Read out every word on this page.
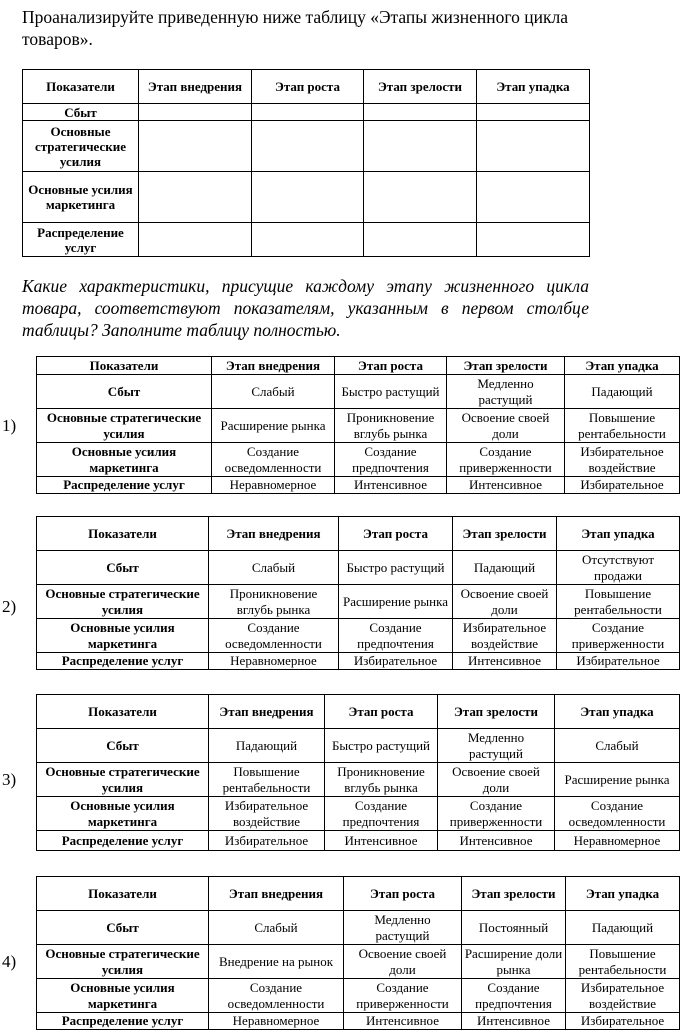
Проанализируйте приведенную ниже таблицу «Этапы жизненного цикла товаров».
Показатели	Этап внедрения	Этап роста	Этап зрелости	Этап упадка
Сбыт				
Основные стратегические усилия				
Основные усилия маркетинга				
Распределение услуг				
Какие характеристики, присущие каждому этапу жизненного цикла товара, соответствуют показателям, указанным в первом столбце таблицы? Заполните таблицу полностью.
1)
Показатели	Этап внедрения	Этап роста	Этап зрелости	Этап упадка
Сбыт	Слабый	Быстро растущий	Медленно растущий	Падающий
Основные стратегические усилия	Расширение рынка	Проникновение вглубь рынка	Освоение своей доли	Повышение рентабельности
Основные усилия маркетинга	Создание осведомленности	Создание предпочтения	Создание приверженности	Избирательное воздействие
Распределение услуг	Неравномерное	Интенсивное	Интенсивное	Избирательное
2)
Показатели	Этап внедрения	Этап роста	Этап зрелости	Этап упадка
Сбыт	Слабый	Быстро растущий	Падающий	Отсутствуют продажи
Основные стратегические усилия	Проникновение вглубь рынка	Расширение рынка	Освоение своей доли	Повышение рентабельности
Основные усилия маркетинга	Создание осведомленности	Создание предпочтения	Избирательное воздействие	Создание приверженности
Распределение услуг	Неравномерное	Избирательное	Интенсивное	Избирательное
3)
Показатели	Этап внедрения	Этап роста	Этап зрелости	Этап упадка
Сбыт	Падающий	Быстро растущий	Медленно растущий	Слабый
Основные стратегические усилия	Повышение рентабельности	Проникновение вглубь рынка	Освоение своей доли	Расширение рынка
Основные усилия маркетинга	Избирательное воздействие	Создание предпочтения	Создание приверженности	Создание осведомленности
Распределение услуг	Избирательное	Интенсивное	Интенсивное	Неравномерное
4)
Показатели	Этап внедрения	Этап роста	Этап зрелости	Этап упадка
Сбыт	Слабый	Медленно растущий	Постоянный	Падающий
Основные стратегические усилия	Внедрение на рынок	Освоение своей доли	Расширение доли рынка	Повышение рентабельности
Основные усилия маркетинга	Создание осведомленности	Создание приверженности	Создание предпочтения	Избирательное воздействие
Распределение услуг	Неравномерное	Интенсивное	Интенсивное	Избирательное
